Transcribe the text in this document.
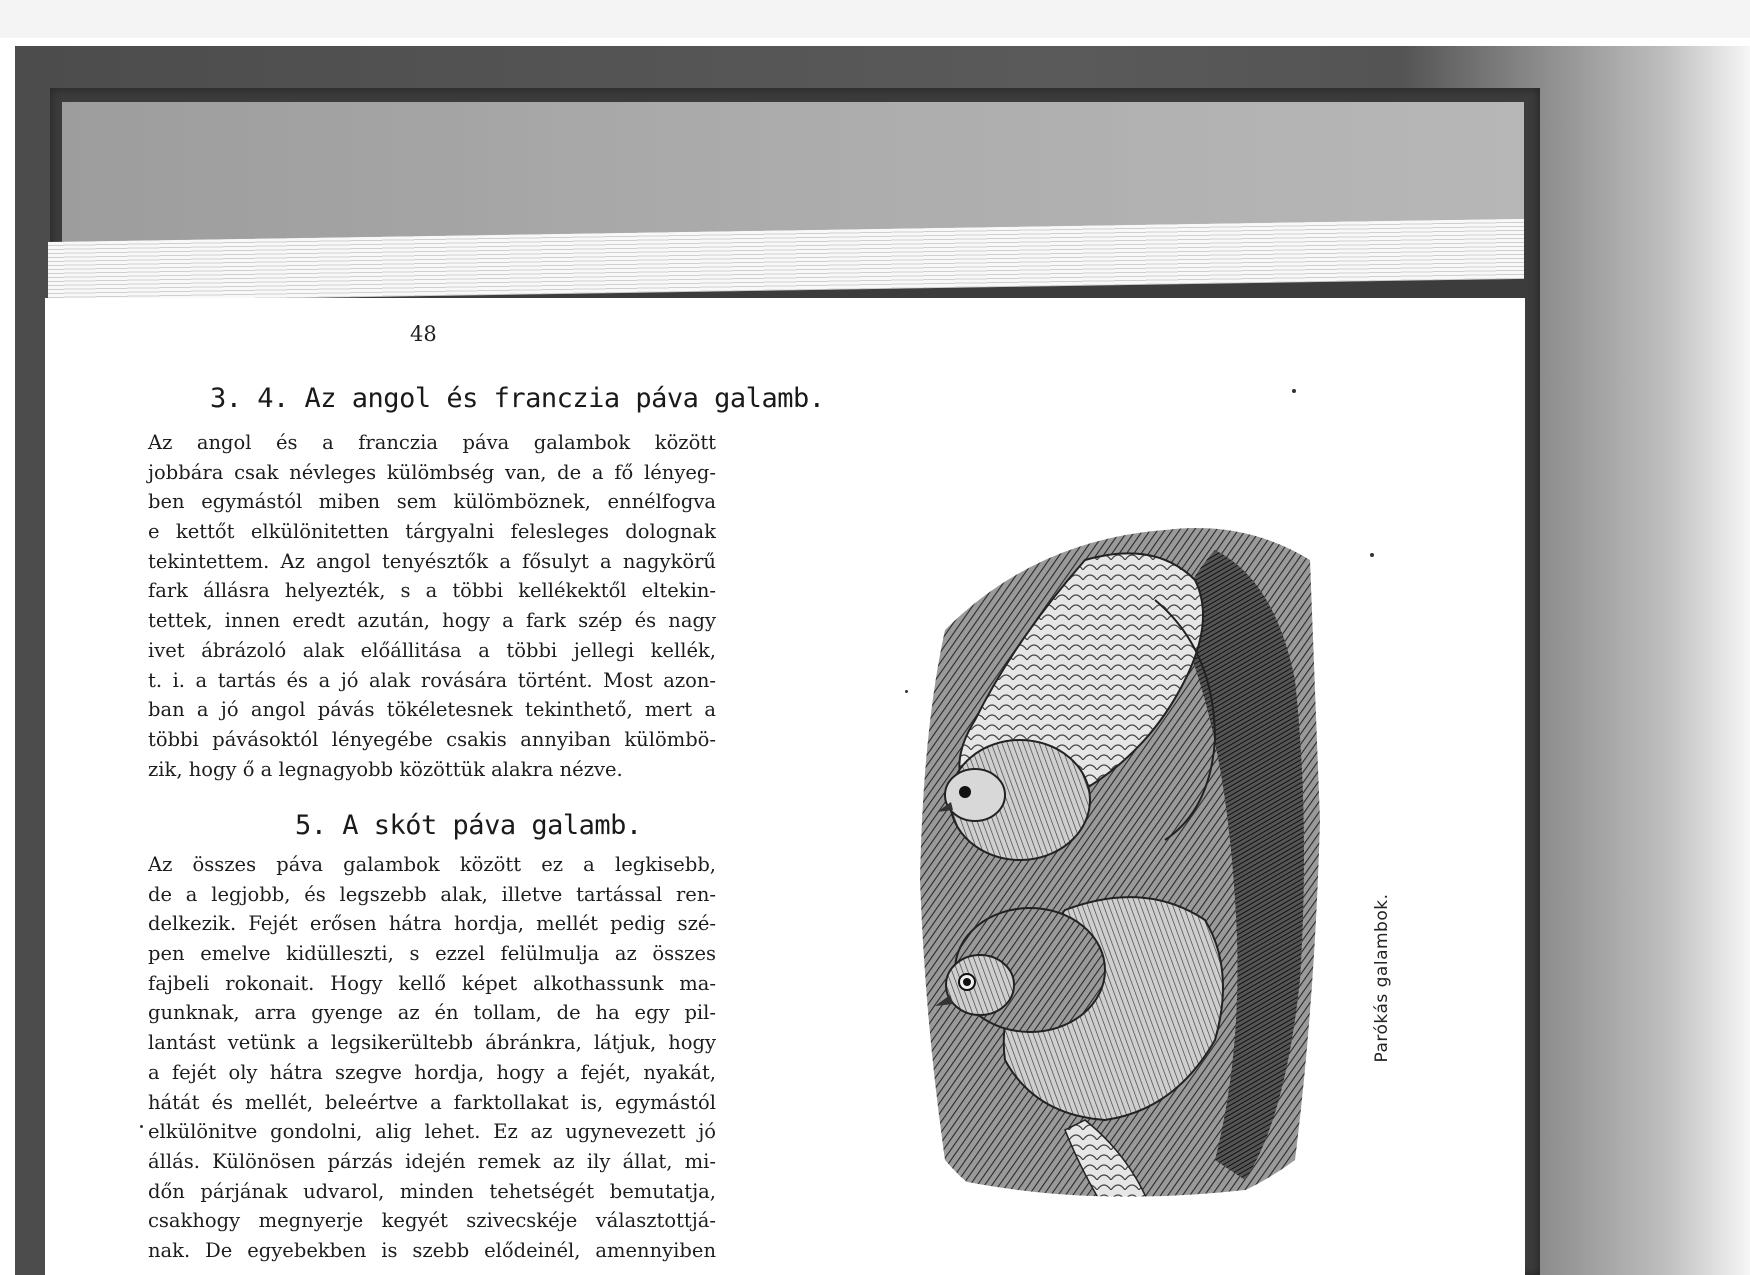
48
3. 4. Az angol és franczia páva galamb.
Az angol és a franczia páva galambok között
jobbára csak névleges külömbség van, de a fő lényeg-
ben egymástól miben sem külömböznek, ennélfogva
e kettőt elkülönitetten tárgyalni felesleges dolognak
tekintettem. Az angol tenyésztők a fősulyt a nagykörű
fark állásra helyezték, s a többi kellékektől eltekin-
tettek, innen eredt azután, hogy a fark szép és nagy
ivet ábrázoló alak előállitása a többi jellegi kellék,
t. i. a tartás és a jó alak rovására történt. Most azon-
ban a jó angol pávás tökéletesnek tekinthető, mert a
többi pávásoktól lényegébe csakis annyiban külömbö-
zik, hogy ő a legnagyobb közöttük alakra nézve.
5. A skót páva galamb.
Az összes páva galambok között ez a legkisebb,
de a legjobb, és legszebb alak, illetve tartással ren-
delkezik. Fejét erősen hátra hordja, mellét pedig szé-
pen emelve kidülleszti, s ezzel felülmulja az összes
fajbeli rokonait. Hogy kellő képet alkothassunk ma-
gunknak, arra gyenge az én tollam, de ha egy pil-
lantást vetünk a legsikerültebb ábránkra, látjuk, hogy
a fejét oly hátra szegve hordja, hogy a fejét, nyakát,
hátát és mellét, beleértve a farktollakat is, egymástól
elkülönitve gondolni, alig lehet. Ez az ugynevezett jó
állás. Különösen párzás idején remek az ily állat, mi-
dőn párjának udvarol, minden tehetségét bemutatja,
csakhogy megnyerje kegyét szivecskéje választottjá-
nak. De egyebekben is szebb elődeinél, amennyiben
Parókás galambok.
